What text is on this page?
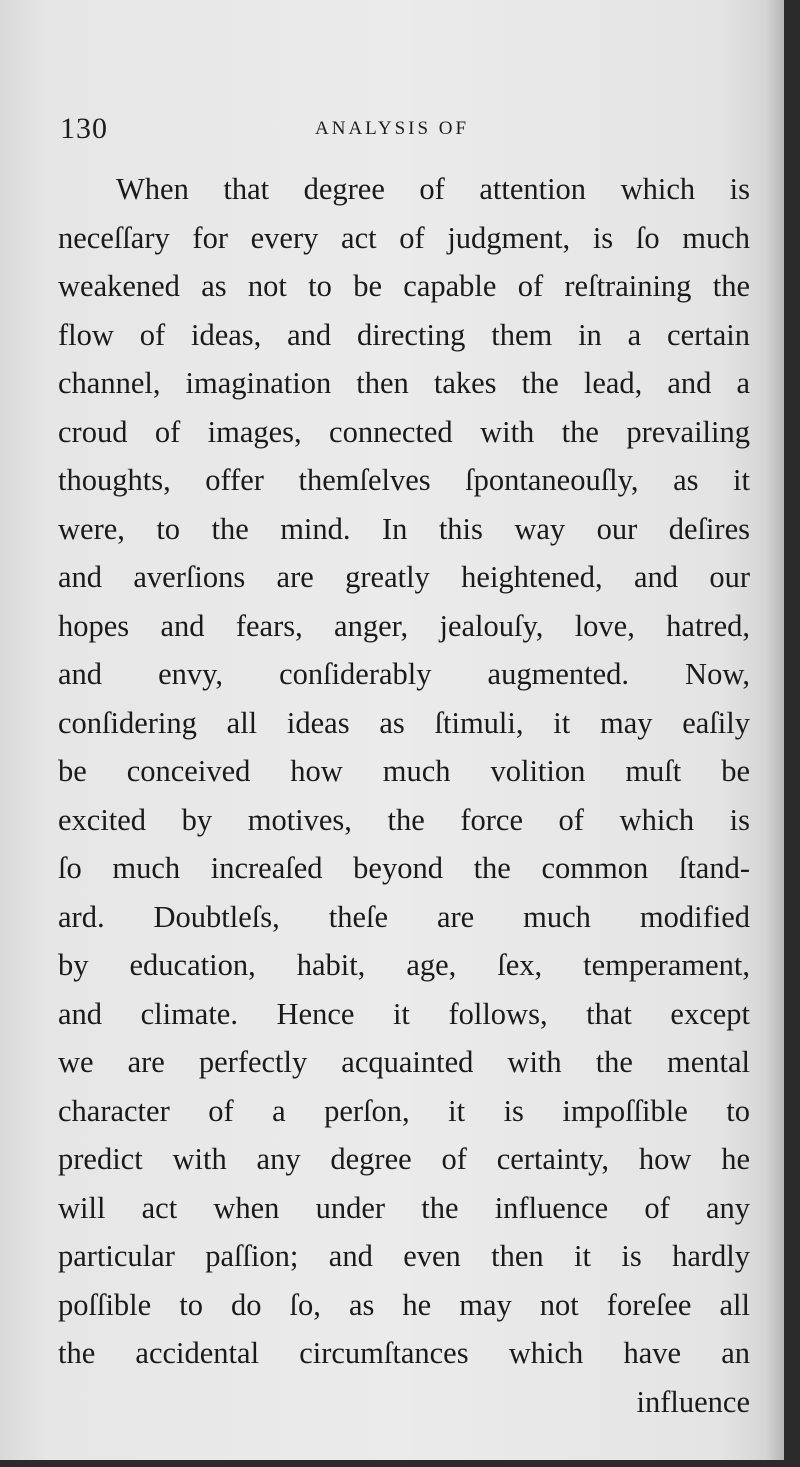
130	ANALYSIS OF
When that degree of attention which is
neceſſary for every act of judgment, is ſo much
weakened as not to be capable of reſtraining the
flow of ideas, and directing them in a certain
channel, imagination then takes the lead, and a
croud of images, connected with the prevailing
thoughts, offer themſelves ſpontaneouſly, as it
were, to the mind. In this way our deſires
and averſions are greatly heightened, and our
hopes and fears, anger, jealouſy, love, hatred,
and envy, conſiderably augmented. Now,
conſidering all ideas as ſtimuli, it may eaſily
be conceived how much volition muſt be
excited by motives, the force of which is
ſo much increaſed beyond the common ſtand-
ard. Doubtleſs, theſe are much modified
by education, habit, age, ſex, temperament,
and climate. Hence it follows, that except
we are perfectly acquainted with the mental
character of a perſon, it is impoſſible to
predict with any degree of certainty, how he
will act when under the influence of any
particular paſſion; and even then it is hardly
poſſible to do ſo, as he may not foreſee all
the accidental circumſtances which have an
influence
